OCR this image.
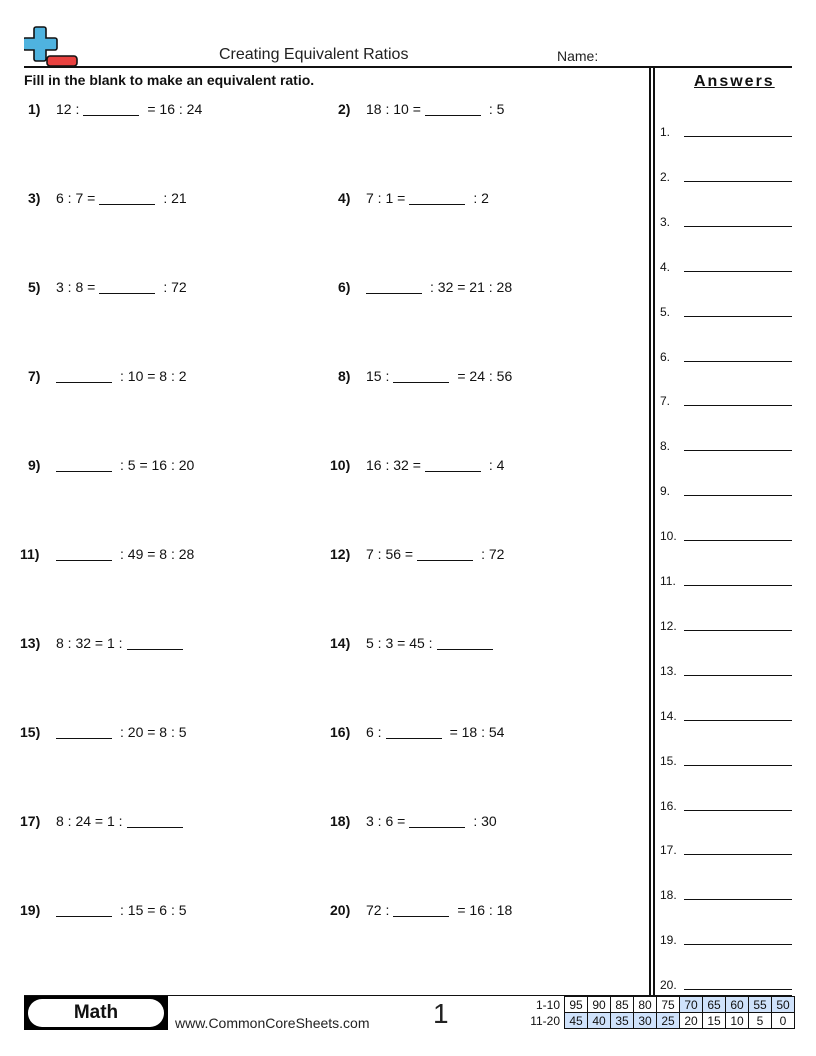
Creating Equivalent Ratios	Name:
Fill in the blank to make an equivalent ratio.	Answers
1)	12 :	= 16 : 24	2)	18 : 10 =	: 5
3)	6 : 7 =	: 21	4)	7 : 1 =	: 2
5)	3 : 8 =	: 72	6)	: 32 = 21 : 28
7)	: 10 = 8 : 2	8)	15 :	= 24 : 56
9)	: 5 = 16 : 20	10)	16 : 32 =	: 4
11)	: 49 = 8 : 28	12)	7 : 56 =	: 72
13)	8 : 32 = 1 :	14)	5 : 3 = 45 :
15)	: 20 = 8 : 5	16)	6 :	= 18 : 54
17)	8 : 24 = 1 :	18)	3 : 6 =	: 30
19)	: 15 = 6 : 5	20)	72 :	= 16 : 18
1.
2.
3.
4.
5.
6.
7.
8.
9.
10.
11.
12.
13.
14.
15.
16.
17.
18.
19.
20.
Math	www.CommonCoreSheets.com 1	1-10	95	90	85	80	75	70	65	60	55	50
11-20	45	40	35	30	25	20	15	10	5	0
